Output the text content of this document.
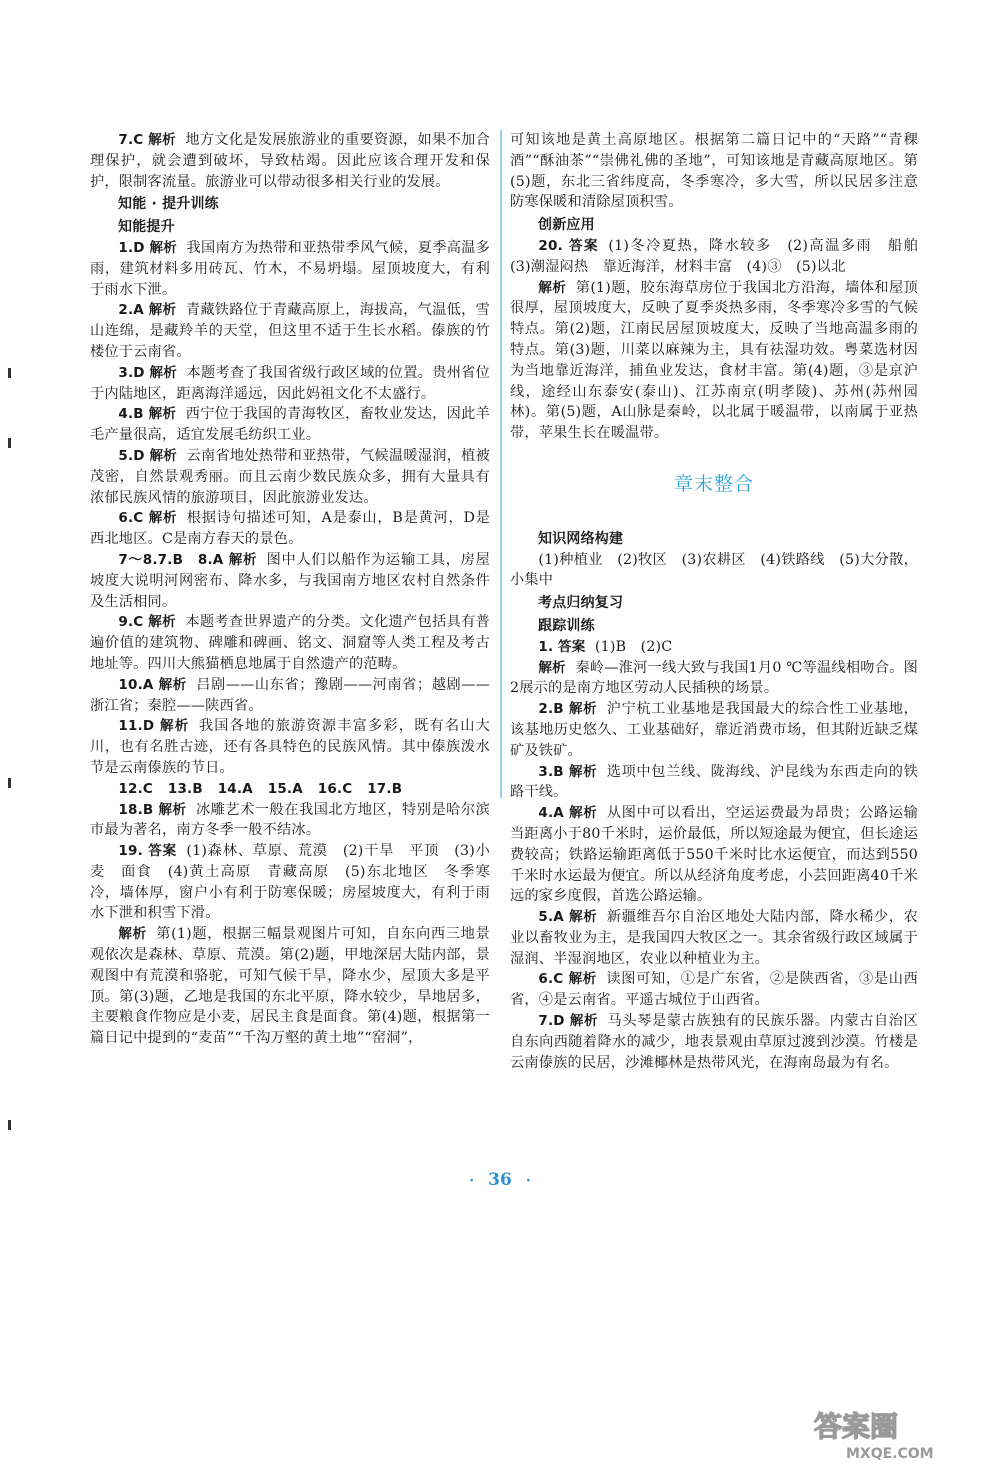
7.C 解析 地方文化是发展旅游业的重要资源，如果不加合理保护，就会遭到破坏，导致枯竭。因此应该合理开发和保护，限制客流量。旅游业可以带动很多相关行业的发展。

知能 · 提升训练

知能提升

1.D 解析 我国南方为热带和亚热带季风气候，夏季高温多雨，建筑材料多用砖瓦、竹木，不易坍塌。屋顶坡度大，有利于雨水下泄。

2.A 解析 青藏铁路位于青藏高原上，海拔高，气温低，雪山连绵，是藏羚羊的天堂，但这里不适于生长水稻。傣族的竹楼位于云南省。

3.D 解析 本题考查了我国省级行政区域的位置。贵州省位于内陆地区，距离海洋遥远，因此妈祖文化不太盛行。

4.B 解析 西宁位于我国的青海牧区，畜牧业发达，因此羊毛产量很高，适宜发展毛纺织工业。

5.D 解析 云南省地处热带和亚热带，气候温暖湿润，植被茂密，自然景观秀丽。而且云南少数民族众多，拥有大量具有浓郁民族风情的旅游项目，因此旅游业发达。

6.C 解析 根据诗句描述可知，A是泰山，B是黄河，D是西北地区。C是南方春天的景色。

7～8.7.B　8.A 解析 图中人们以船作为运输工具，房屋坡度大说明河网密布、降水多，与我国南方地区农村自然条件及生活相同。

9.C 解析 本题考查世界遗产的分类。文化遗产包括具有普遍价值的建筑物、碑雕和碑画、铭文、洞窟等人类工程及考古地址等。四川大熊猫栖息地属于自然遗产的范畴。

10.A 解析 吕剧——山东省；豫剧——河南省；越剧——浙江省；秦腔——陕西省。

11.D 解析 我国各地的旅游资源丰富多彩，既有名山大川，也有名胜古迹，还有各具特色的民族风情。其中傣族泼水节是云南傣族的节日。

12.C 13.B 14.A 15.A 16.C 17.B

18.B 解析 冰雕艺术一般在我国北方地区，特别是哈尔滨市最为著名，南方冬季一般不结冰。

19. 答案 (1)森林、草原、荒漠　(2)干旱　平顶　(3)小麦　面食　(4)黄土高原　青藏高原　(5)东北地区　冬季寒冷，墙体厚，窗户小有利于防寒保暖；房屋坡度大，有利于雨水下泄和积雪下滑。

解析 第(1)题，根据三幅景观图片可知，自东向西三地景观依次是森林、草原、荒漠。第(2)题，甲地深居大陆内部，景观图中有荒漠和骆驼，可知气候干旱，降水少，屋顶大多是平顶。第(3)题，乙地是我国的东北平原，降水较少，旱地居多，主要粮食作物应是小麦，居民主食是面食。第(4)题，根据第一篇日记中提到的“麦苗”“千沟万壑的黄土地”“窑洞”，

可知该地是黄土高原地区。根据第二篇日记中的“天路”“青稞酒”“酥油茶”“崇佛礼佛的圣地”，可知该地是青藏高原地区。第(5)题，东北三省纬度高，冬季寒冷，多大雪，所以民居多注意防寒保暖和清除屋顶积雪。

创新应用

20. 答案 (1)冬冷夏热，降水较多　(2)高温多雨　船舶　(3)潮湿闷热　靠近海洋，材料丰富　(4)③　(5)以北

解析 第(1)题，胶东海草房位于我国北方沿海，墙体和屋顶很厚，屋顶坡度大，反映了夏季炎热多雨，冬季寒冷多雪的气候特点。第(2)题，江南民居屋顶坡度大，反映了当地高温多雨的特点。第(3)题，川菜以麻辣为主，具有祛湿功效。粤菜选材因为当地靠近海洋，捕鱼业发达，食材丰富。第(4)题，③是京沪线，途经山东泰安(泰山)、江苏南京(明孝陵)、苏州(苏州园林)。第(5)题，A山脉是秦岭，以北属于暖温带，以南属于亚热带，苹果生长在暖温带。

章末整合

知识网络构建

(1)种植业　(2)牧区　(3)农耕区　(4)铁路线　(5)大分散，小集中

考点归纳复习

跟踪训练

1. 答案 (1)B　(2)C

解析 秦岭—淮河一线大致与我国1月0 ℃等温线相吻合。图2展示的是南方地区劳动人民插秧的场景。

2.B 解析 沪宁杭工业基地是我国最大的综合性工业基地，该基地历史悠久、工业基础好，靠近消费市场，但其附近缺乏煤矿及铁矿。

3.B 解析 选项中包兰线、陇海线、沪昆线为东西走向的铁路干线。

4.A 解析 从图中可以看出，空运运费最为昂贵；公路运输当距离小于80千米时，运价最低，所以短途最为便宜，但长途运费较高；铁路运输距离低于550千米时比水运便宜，而达到550千米时水运最为便宜。所以从经济角度考虑，小芸回距离40千米远的家乡度假，首选公路运输。

5.A 解析 新疆维吾尔自治区地处大陆内部，降水稀少，农业以畜牧业为主，是我国四大牧区之一。其余省级行政区域属于湿润、半湿润地区，农业以种植业为主。

6.C 解析 读图可知，①是广东省，②是陕西省，③是山西省，④是云南省。平遥古城位于山西省。

7.D 解析 马头琴是蒙古族独有的民族乐器。内蒙古自治区自东向西随着降水的减少，地表景观由草原过渡到沙漠。竹楼是云南傣族的民居，沙滩椰林是热带风光，在海南岛最为有名。

· 36 ·
答案圈
MXQE.COM
